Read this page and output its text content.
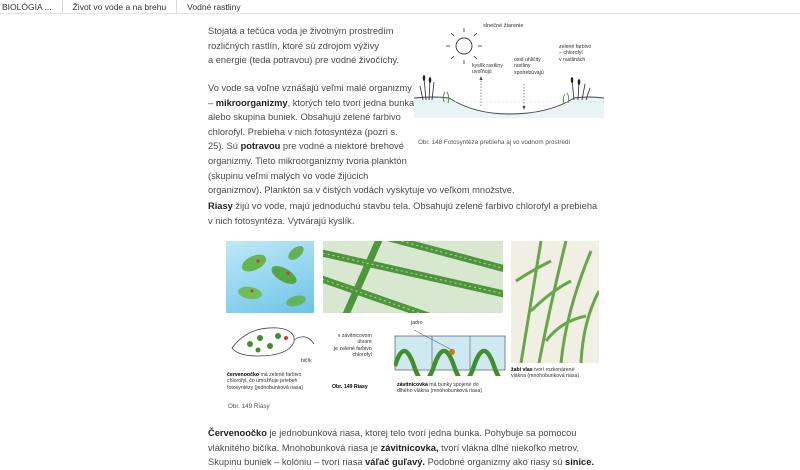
BIOLÓGIA ...	Život vo vode a na brehu	Vodné rastliny
Stojatá a tečúca voda je životným prostredím
rozličných rastlín, ktoré sú zdrojom výživy
a energie (teda potravou) pre vodné živočíchy.
Vo vode sa voľne vznášajú veľmi malé organizmy
– mikroorganizmy, ktorých telo tvorí jedna bunka
alebo skupina buniek. Obsahujú zelené farbivo
chlorofyl. Prebieha v nich fotosyntéza (pozri s.
25). Sú potravou pre vodné a niektoré brehové
organizmy. Tieto mikroorganizmy tvoria planktón
(skupinu veľmi malých vo vode žijúcich
organizmov). Planktón sa v čistých vodách vyskytuje vo veľkom množstve.
slnečné žiarenie
kyslík rastliny
uvoľňujú
oxid uhličitý
rastliny
spotrebúvajú
zelené farbivo
– chlorofyl
v rastlinách
Obr. 148 Fotosyntéza prebieha aj vo vodnom prostredí
Riasy žijú vo vode, majú jednoduchú stavbu tela. Obsahujú zelené farbivo chlorofyl a prebieha
v nich fotosyntéza. Vytvárajú kyslík.
bičík
červenoočko má zelené farbivo
chlorofyl, čo umožňuje priebeh
fotosyntézy (jednobunková riasa)
v závitnicovom
útvare
je zelené farbivo
chlorofyl
jadro
závitnicovka má bunky spojené do
dlhého vlákna (mnohobunková riasa)
Obr. 149 Riasy
žabí vlas tvorí rozkonárené
vlákna (mnohobunková riasa)
Obr. 149 Riasy
Červenoočko je jednobunková riasa, ktorej telo tvorí jedna bunka. Pohybuje sa pomocou
vláknitého bičíka. Mnohobunková riasa je závitnicovka, tvorí vlákna dlhé niekoľko metrov.
Skupinu buniek – kolóniu – tvorí riasa váľač guľavý. Podobné organizmy ako riasy sú sinice.
